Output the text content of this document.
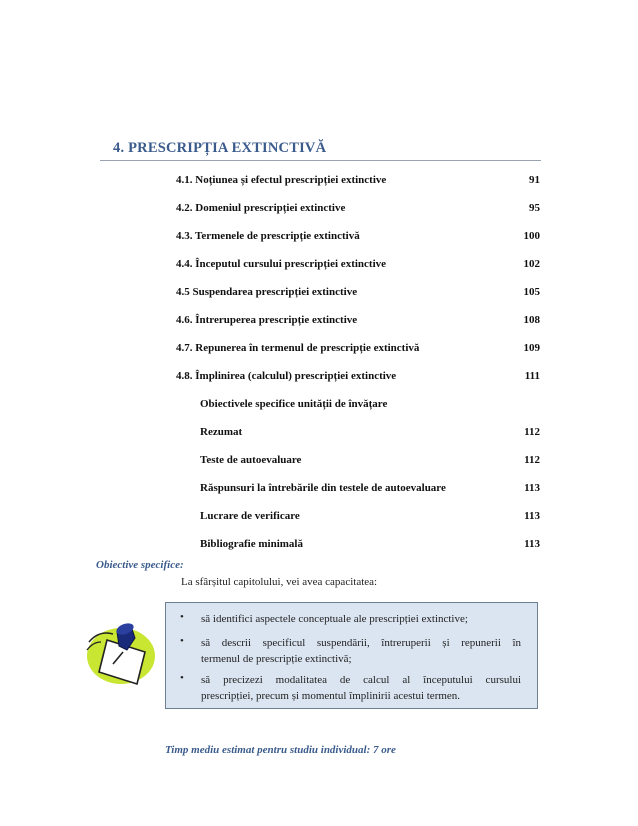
4. PRESCRIPȚIA EXTINCTIVĂ
4.1. Noțiunea și efectul prescripției extinctive	91
4.2. Domeniul prescripției extinctive	95
4.3. Termenele de prescripție extinctivă	100
4.4. Începutul cursului prescripției extinctive	102
4.5 Suspendarea prescripției extinctive	105
4.6. Întreruperea prescripție extinctive	108
4.7. Repunerea în termenul de prescripție extinctivă	109
4.8. Împlinirea (calculul) prescripției extinctive	111
Obiectivele specifice unității de învățare
Rezumat	112
Teste de autoevaluare	112
Răspunsuri la întrebările din testele de autoevaluare	113
Lucrare de verificare	113
Bibliografie minimală	113
Obiective specifice:
La sfârșitul capitolului, vei avea capacitatea:
• să identifici aspectele conceptuale ale prescripției extinctive;
• să descrii specificul suspendării, întreruperii și repunerii în
termenul de prescripție extinctivă;
• să precizezi modalitatea de calcul al începutului cursului
prescripției, precum și momentul împlinirii acestui termen.
Timp mediu estimat pentru studiu individual: 7 ore
